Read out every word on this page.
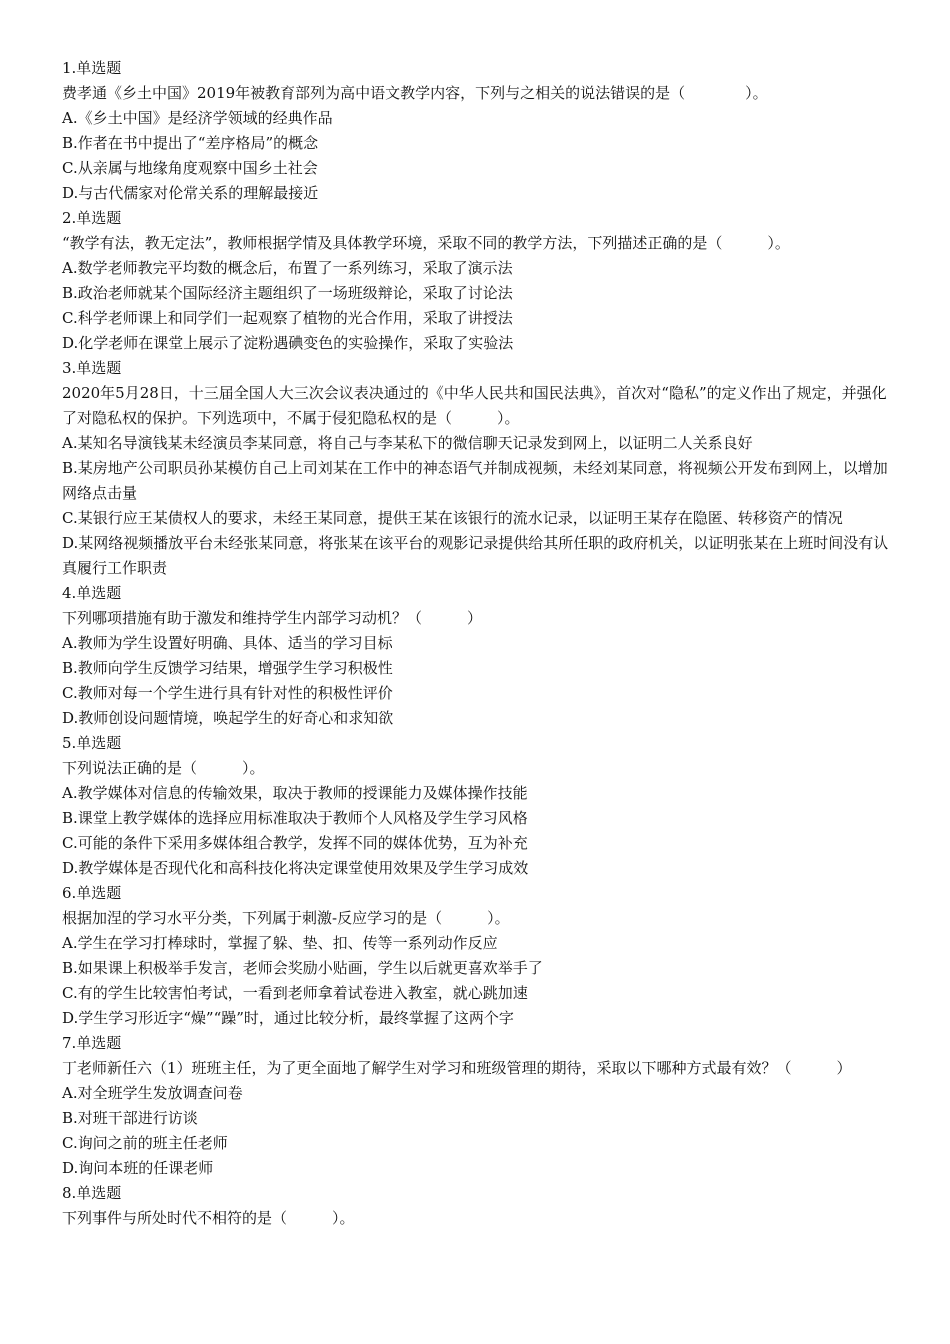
1.单选题
费孝通《乡土中国》2019年被教育部列为高中语文教学内容，下列与之相关的说法错误的是（　　　　）。
A.《乡土中国》是经济学领域的经典作品
B.作者在书中提出了“差序格局”的概念
C.从亲属与地缘角度观察中国乡土社会
D.与古代儒家对伦常关系的理解最接近
2.单选题
“教学有法，教无定法”，教师根据学情及具体教学环境，采取不同的教学方法，下列描述正确的是（　　　）。
A.数学老师教完平均数的概念后，布置了一系列练习，采取了演示法
B.政治老师就某个国际经济主题组织了一场班级辩论，采取了讨论法
C.科学老师课上和同学们一起观察了植物的光合作用，采取了讲授法
D.化学老师在课堂上展示了淀粉遇碘变色的实验操作，采取了实验法
3.单选题
2020年5月28日，十三届全国人大三次会议表决通过的《中华人民共和国民法典》，首次对“隐私”的定义作出了规定，并强化了对隐私权的保护。下列选项中，不属于侵犯隐私权的是（　　　）。
A.某知名导演钱某未经演员李某同意，将自己与李某私下的微信聊天记录发到网上，以证明二人关系良好
B.某房地产公司职员孙某模仿自己上司刘某在工作中的神态语气并制成视频，未经刘某同意，将视频公开发布到网上，以增加网络点击量
C.某银行应王某债权人的要求，未经王某同意，提供王某在该银行的流水记录，以证明王某存在隐匿、转移资产的情况
D.某网络视频播放平台未经张某同意，将张某在该平台的观影记录提供给其所任职的政府机关，以证明张某在上班时间没有认真履行工作职责
4.单选题
下列哪项措施有助于激发和维持学生内部学习动机？（　　　）
A.教师为学生设置好明确、具体、适当的学习目标
B.教师向学生反馈学习结果，增强学生学习积极性
C.教师对每一个学生进行具有针对性的积极性评价
D.教师创设问题情境，唤起学生的好奇心和求知欲
5.单选题
下列说法正确的是（　　　）。
A.教学媒体对信息的传输效果，取决于教师的授课能力及媒体操作技能
B.课堂上教学媒体的选择应用标准取决于教师个人风格及学生学习风格
C.可能的条件下采用多媒体组合教学，发挥不同的媒体优势，互为补充
D.教学媒体是否现代化和高科技化将决定课堂使用效果及学生学习成效
6.单选题
根据加涅的学习水平分类，下列属于刺激-反应学习的是（　　　）。
A.学生在学习打棒球时，掌握了躲、垫、扣、传等一系列动作反应
B.如果课上积极举手发言，老师会奖励小贴画，学生以后就更喜欢举手了
C.有的学生比较害怕考试，一看到老师拿着试卷进入教室，就心跳加速
D.学生学习形近字“燥”“躁”时，通过比较分析，最终掌握了这两个字
7.单选题
丁老师新任六（1）班班主任，为了更全面地了解学生对学习和班级管理的期待，采取以下哪种方式最有效？（　　　）
A.对全班学生发放调查问卷
B.对班干部进行访谈
C.询问之前的班主任老师
D.询问本班的任课老师
8.单选题
下列事件与所处时代不相符的是（　　　）。
